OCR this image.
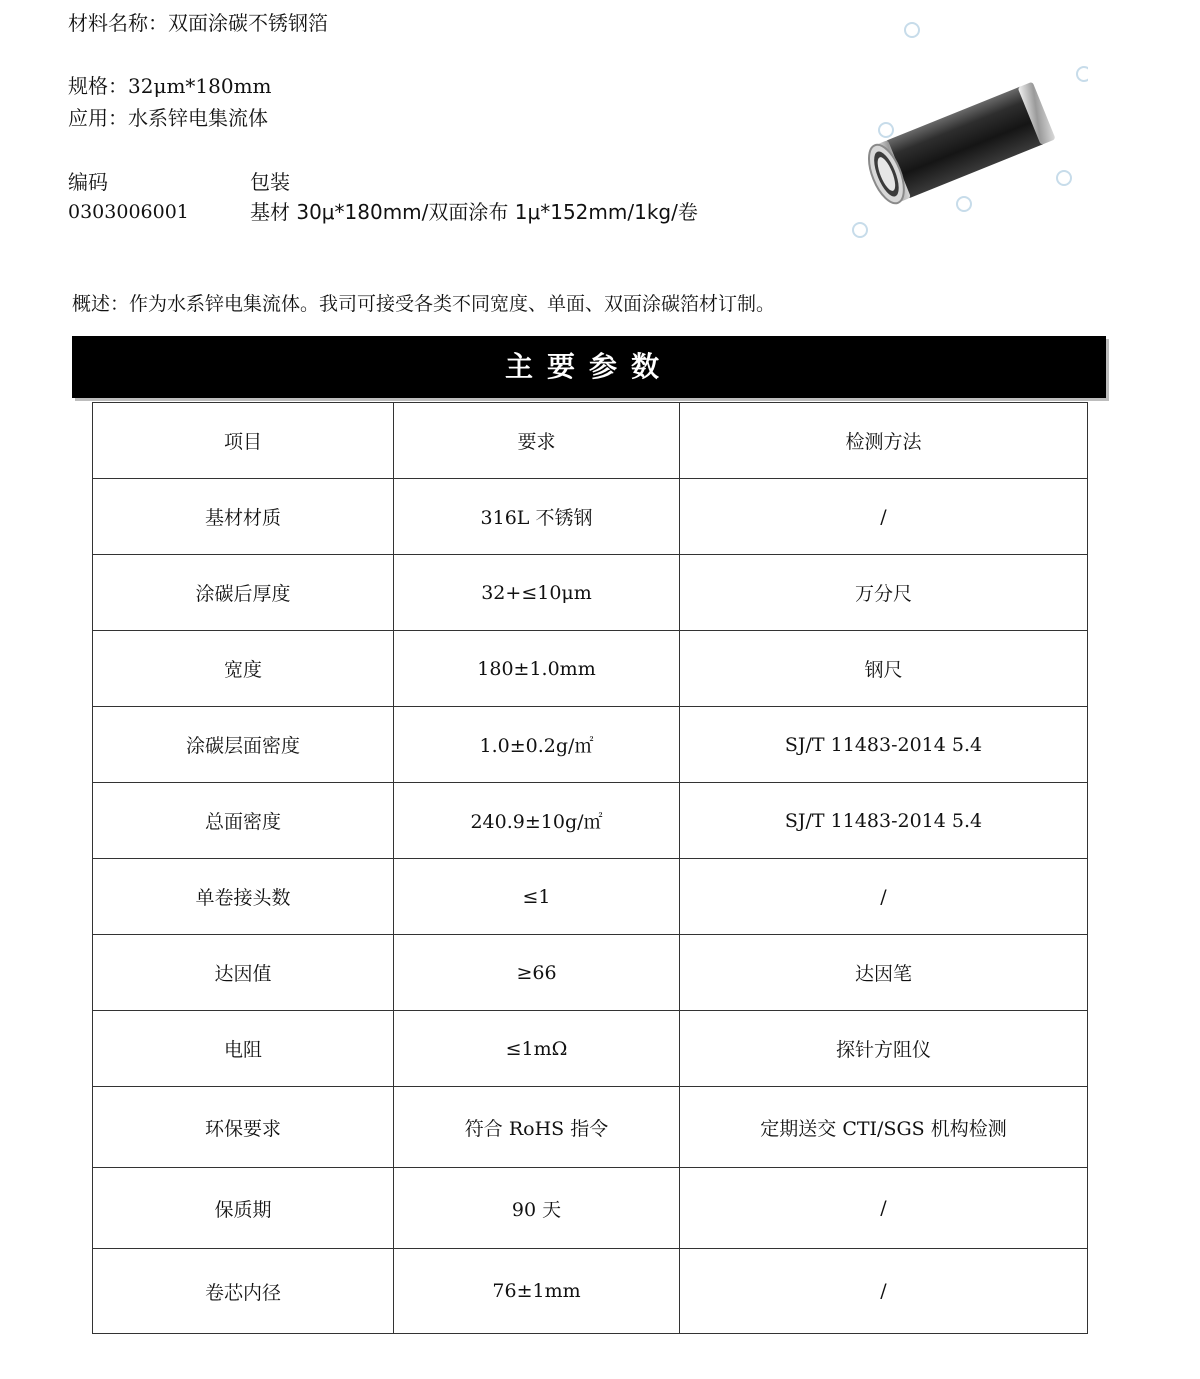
材料名称：双面涂碳不锈钢箔
规格：32μm*180mm
应用：水系锌电集流体
编码	包装
0303006001	基材 30μ*180mm/双面涂布 1μ*152mm/1kg/卷
概述：作为水系锌电集流体。我司可接受各类不同宽度、单面、双面涂碳箔材订制。
主要参数
项目	要求	检测方法
基材材质	316L 不锈钢	/
涂碳后厚度	32+≤10μm	万分尺
宽度	180±1.0mm	钢尺
涂碳层面密度	1.0±0.2g/㎡	SJ/T 11483-2014 5.4
总面密度	240.9±10g/㎡	SJ/T 11483-2014 5.4
单卷接头数	≤1	/
达因值	≥66	达因笔
电阻	≤1mΩ	探针方阻仪
环保要求	符合 RoHS 指令	定期送交 CTI/SGS 机构检测
保质期	90 天	/
卷芯内径	76±1mm	/
